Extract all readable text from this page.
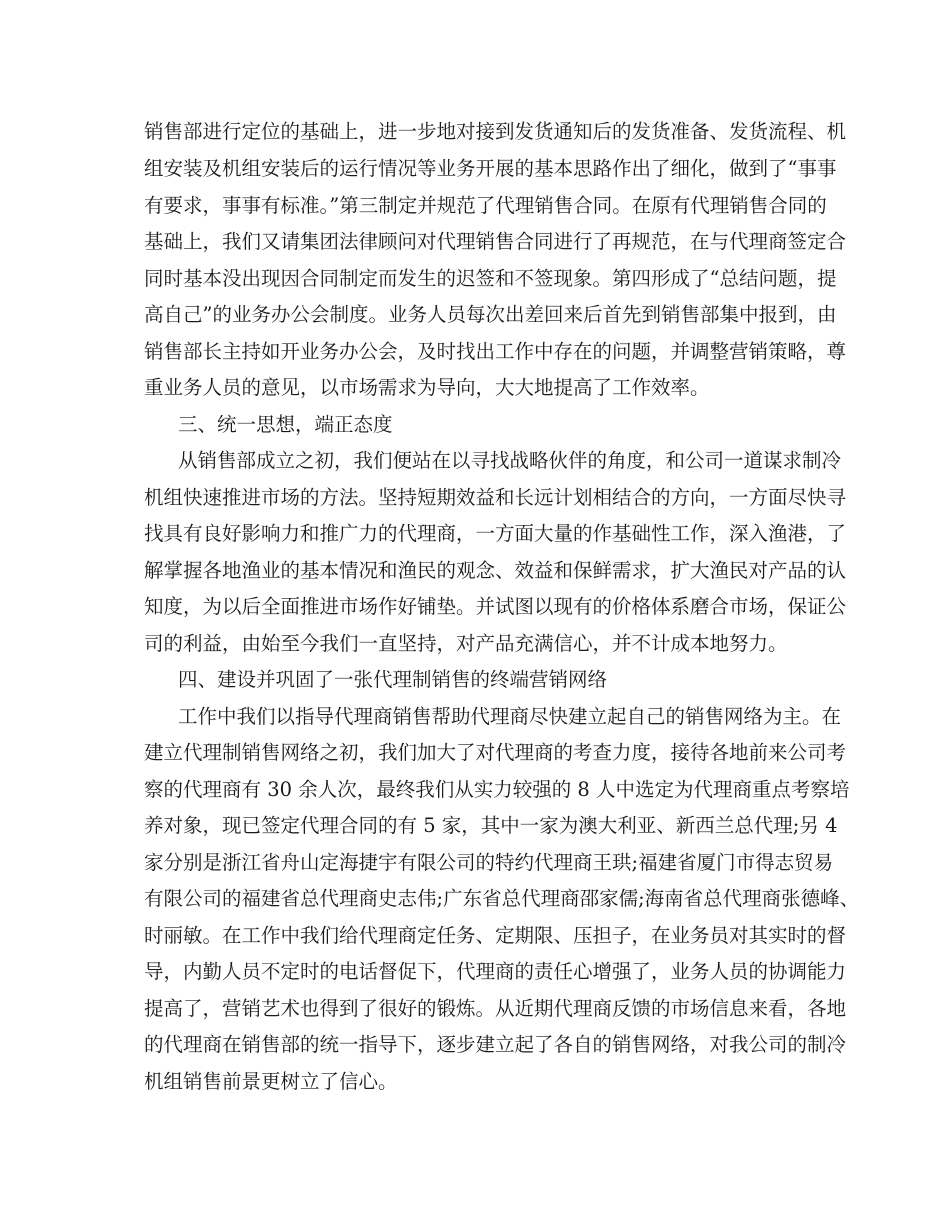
销售部进行定位的基础上，进一步地对接到发货通知后的发货准备、发货流程、机
组安装及机组安装后的运行情况等业务开展的基本思路作出了细化，做到了“事事
有要求，事事有标准。”第三制定并规范了代理销售合同。在原有代理销售合同的
基础上，我们又请集团法律顾问对代理销售合同进行了再规范，在与代理商签定合
同时基本没出现因合同制定而发生的迟签和不签现象。第四形成了“总结问题，提
高自己”的业务办公会制度。业务人员每次出差回来后首先到销售部集中报到，由
销售部长主持如开业务办公会，及时找出工作中存在的问题，并调整营销策略，尊
重业务人员的意见，以市场需求为导向，大大地提高了工作效率。
三、统一思想，端正态度
从销售部成立之初，我们便站在以寻找战略伙伴的角度，和公司一道谋求制冷
机组快速推进市场的方法。坚持短期效益和长远计划相结合的方向，一方面尽快寻
找具有良好影响力和推广力的代理商，一方面大量的作基础性工作，深入渔港，了
解掌握各地渔业的基本情况和渔民的观念、效益和保鲜需求，扩大渔民对产品的认
知度，为以后全面推进市场作好铺垫。并试图以现有的价格体系磨合市场，保证公
司的利益，由始至今我们一直坚持，对产品充满信心，并不计成本地努力。
四、建设并巩固了一张代理制销售的终端营销网络
工作中我们以指导代理商销售帮助代理商尽快建立起自己的销售网络为主。在
建立代理制销售网络之初，我们加大了对代理商的考查力度，接待各地前来公司考
察的代理商有 30 余人次，最终我们从实力较强的 8 人中选定为代理商重点考察培
养对象，现已签定代理合同的有 5 家，其中一家为澳大利亚、新西兰总代理;另 4
家分别是浙江省舟山定海捷宇有限公司的特约代理商王珙;福建省厦门市得志贸易
有限公司的福建省总代理商史志伟;广东省总代理商邵家儒;海南省总代理商张德峰、
时丽敏。在工作中我们给代理商定任务、定期限、压担子，在业务员对其实时的督
导，内勤人员不定时的电话督促下，代理商的责任心增强了，业务人员的协调能力
提高了，营销艺术也得到了很好的锻炼。从近期代理商反馈的市场信息来看，各地
的代理商在销售部的统一指导下，逐步建立起了各自的销售网络，对我公司的制冷
机组销售前景更树立了信心。
